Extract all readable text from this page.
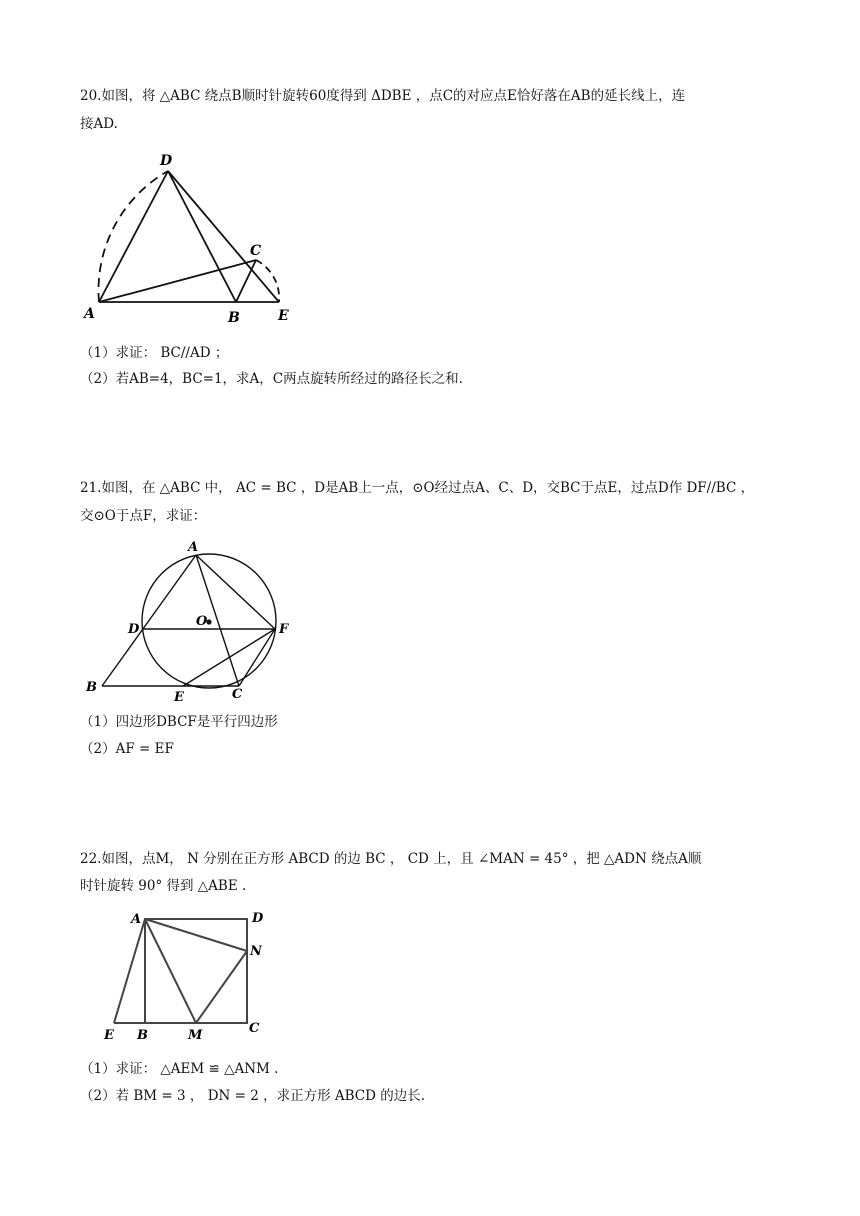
20.如图，将 △ABC 绕点B顺时针旋转60度得到 ΔDBE ，点C的对应点E恰好落在AB的延长线上，连
接AD.
D
C
A	B	E
（1）求证： BC//AD ；
（2）若AB=4，BC=1，求A，C两点旋转所经过的路径长之和.
21.如图，在 △ABC 中， AC = BC ，D是AB上一点，⊙O经过点A、C、D，交BC于点E，过点D作 DF//BC ，
交⊙O于点F，求证：
A
D
O
F
B
E	C
（1）四边形DBCF是平行四边形
（2）AF = EF
22.如图，点M， N 分别在正方形 ABCD 的边 BC ， CD 上，且 ∠MAN = 45° ，把 △ADN 绕点A顺
时针旋转 90° 得到 △ABE .
A	D
N
E B	M	C
（1）求证： △AEM ≌ △ANM .
（2）若 BM = 3 ， DN = 2 ，求正方形 ABCD 的边长.
